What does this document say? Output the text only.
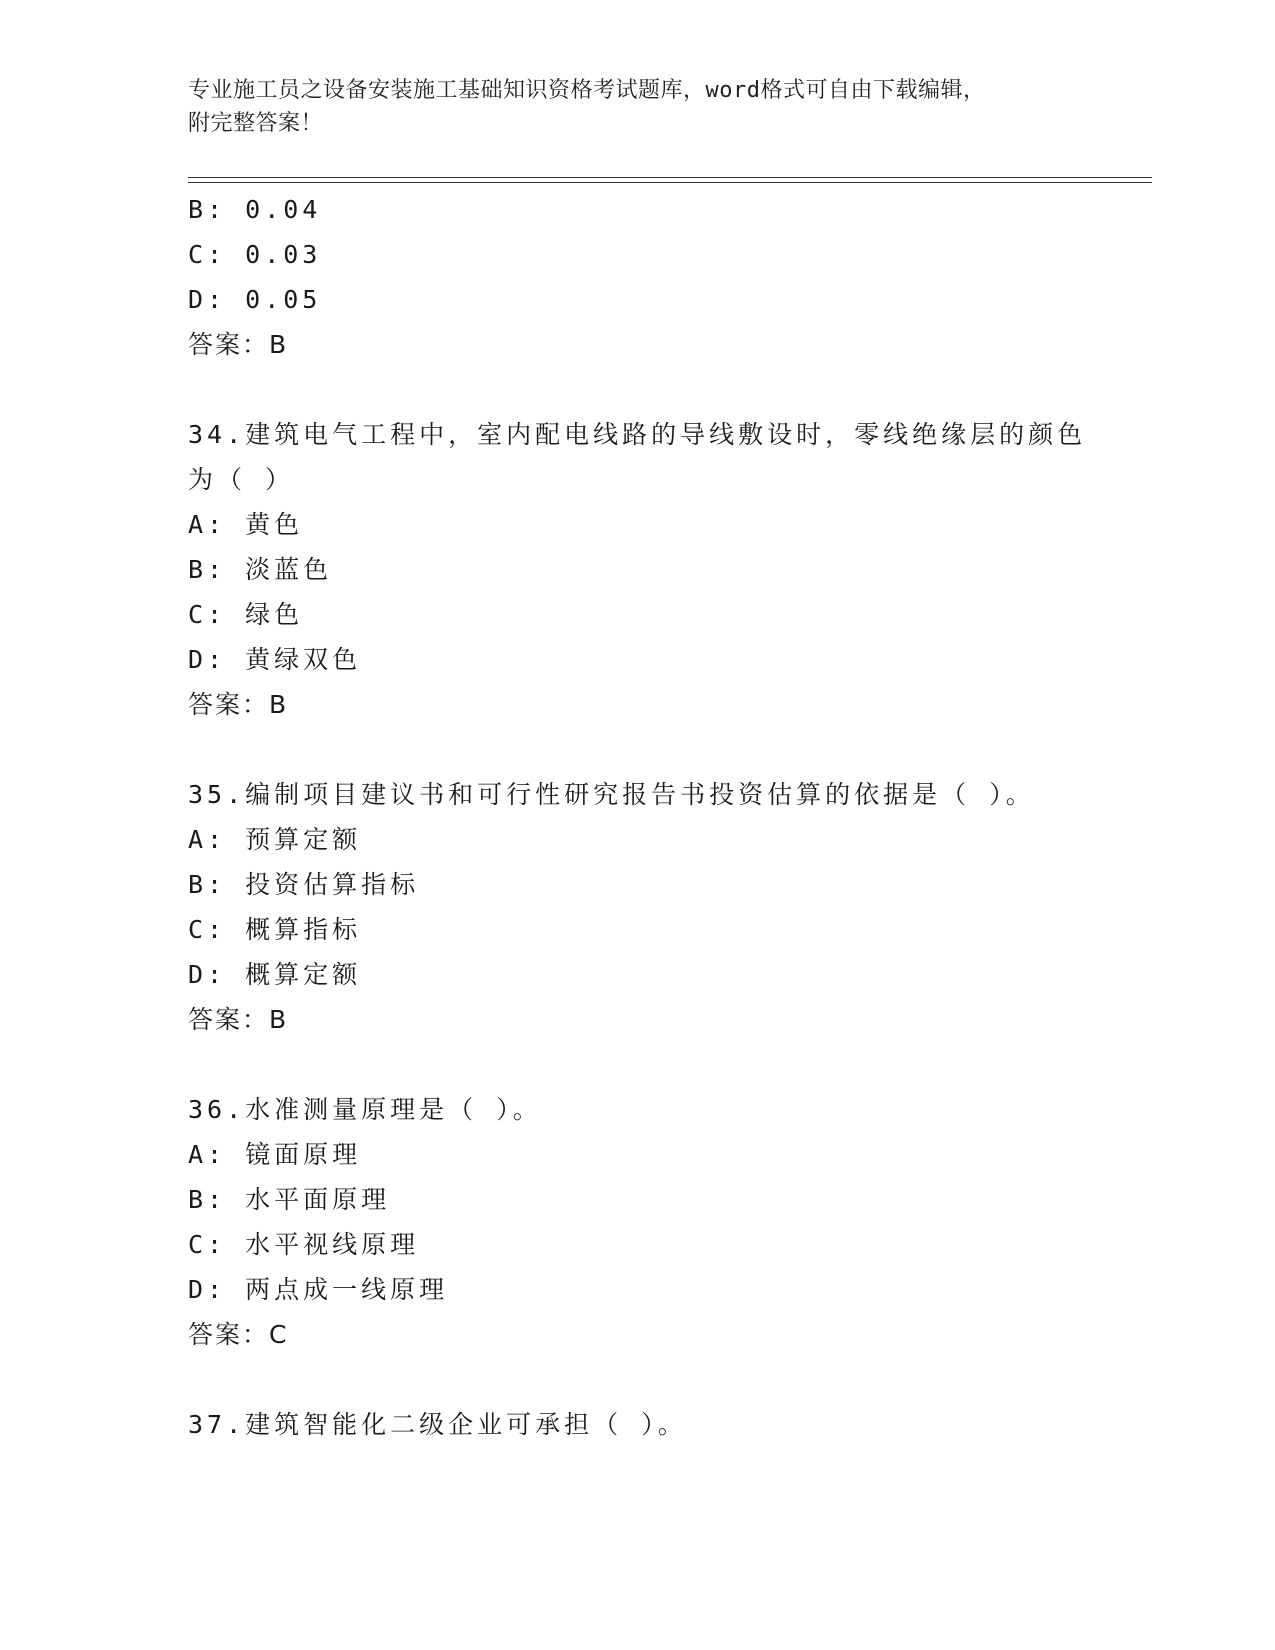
专业施工员之设备安装施工基础知识资格考试题库，word格式可自由下载编辑，
附完整答案！
B: 0.04
C: 0.03
D: 0.05
答案：B
34.建筑电气工程中，室内配电线路的导线敷设时，零线绝缘层的颜色
为（ ）
A: 黄色
B: 淡蓝色
C: 绿色
D: 黄绿双色
答案：B
35.编制项目建议书和可行性研究报告书投资估算的依据是（ ）。
A: 预算定额
B: 投资估算指标
C: 概算指标
D: 概算定额
答案：B
36.水准测量原理是（ ）。
A: 镜面原理
B: 水平面原理
C: 水平视线原理
D: 两点成一线原理
答案：C
37.建筑智能化二级企业可承担（ ）。
